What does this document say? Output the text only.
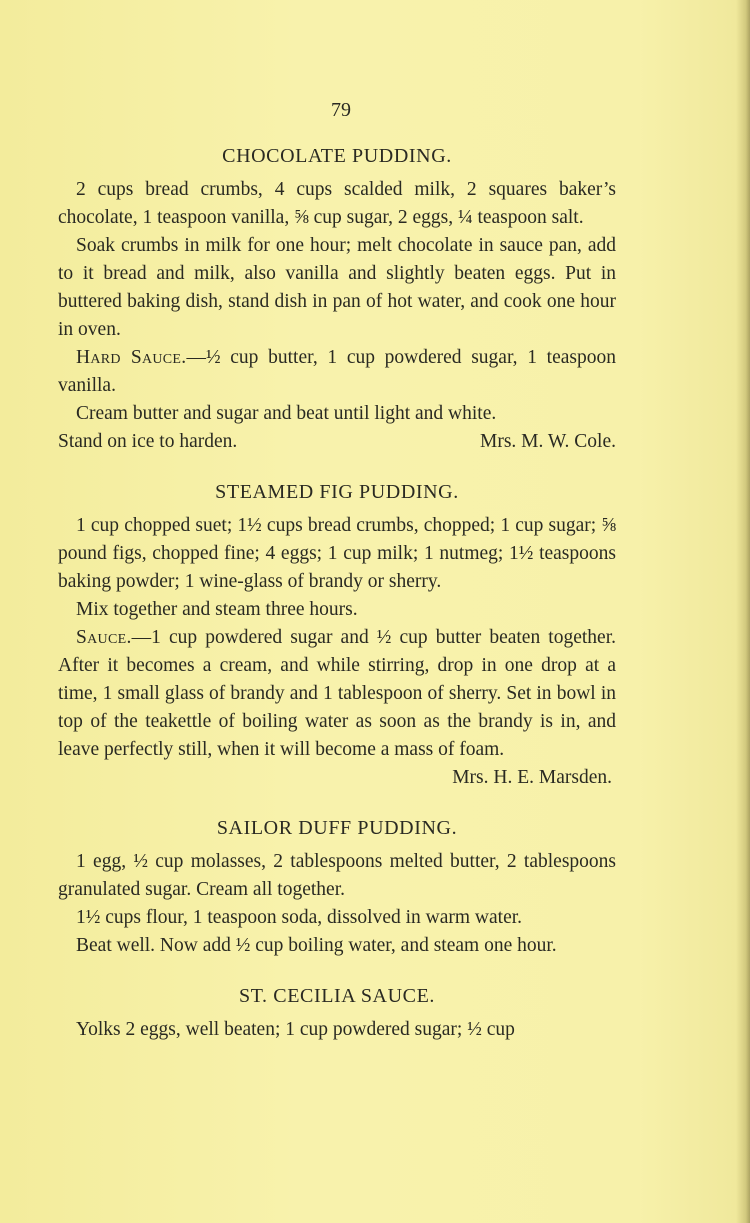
79
CHOCOLATE PUDDING.

2 cups bread crumbs, 4 cups scalded milk, 2 squares baker’s chocolate, 1 teaspoon vanilla, ⅝ cup sugar, 2 eggs, ¼ teaspoon salt.

Soak crumbs in milk for one hour; melt chocolate in sauce pan, add to it bread and milk, also vanilla and slightly beaten eggs. Put in buttered baking dish, stand dish in pan of hot water, and cook one hour in oven.

Hard Sauce.—½ cup butter, 1 cup powdered sugar, 1 teaspoon vanilla.

Cream butter and sugar and beat until light and white.

Stand on ice to harden.	Mrs. M. W. Cole.

STEAMED FIG PUDDING.

1 cup chopped suet; 1½ cups bread crumbs, chopped; 1 cup sugar; ⅝ pound figs, chopped fine; 4 eggs; 1 cup milk; 1 nutmeg; 1½ teaspoons baking powder; 1 wine-glass of brandy or sherry.

Mix together and steam three hours.

Sauce.—1 cup powdered sugar and ½ cup butter beaten together. After it becomes a cream, and while stirring, drop in one drop at a time, 1 small glass of brandy and 1 tablespoon of sherry. Set in bowl in top of the teakettle of boiling water as soon as the brandy is in, and leave perfectly still, when it will become a mass of foam.

Mrs. H. E. Marsden.

SAILOR DUFF PUDDING.

1 egg, ½ cup molasses, 2 tablespoons melted butter, 2 tablespoons granulated sugar. Cream all together.

1½ cups flour, 1 teaspoon soda, dissolved in warm water.

Beat well. Now add ½ cup boiling water, and steam one hour.

ST. CECILIA SAUCE.

Yolks 2 eggs, well beaten; 1 cup powdered sugar; ½ cup
